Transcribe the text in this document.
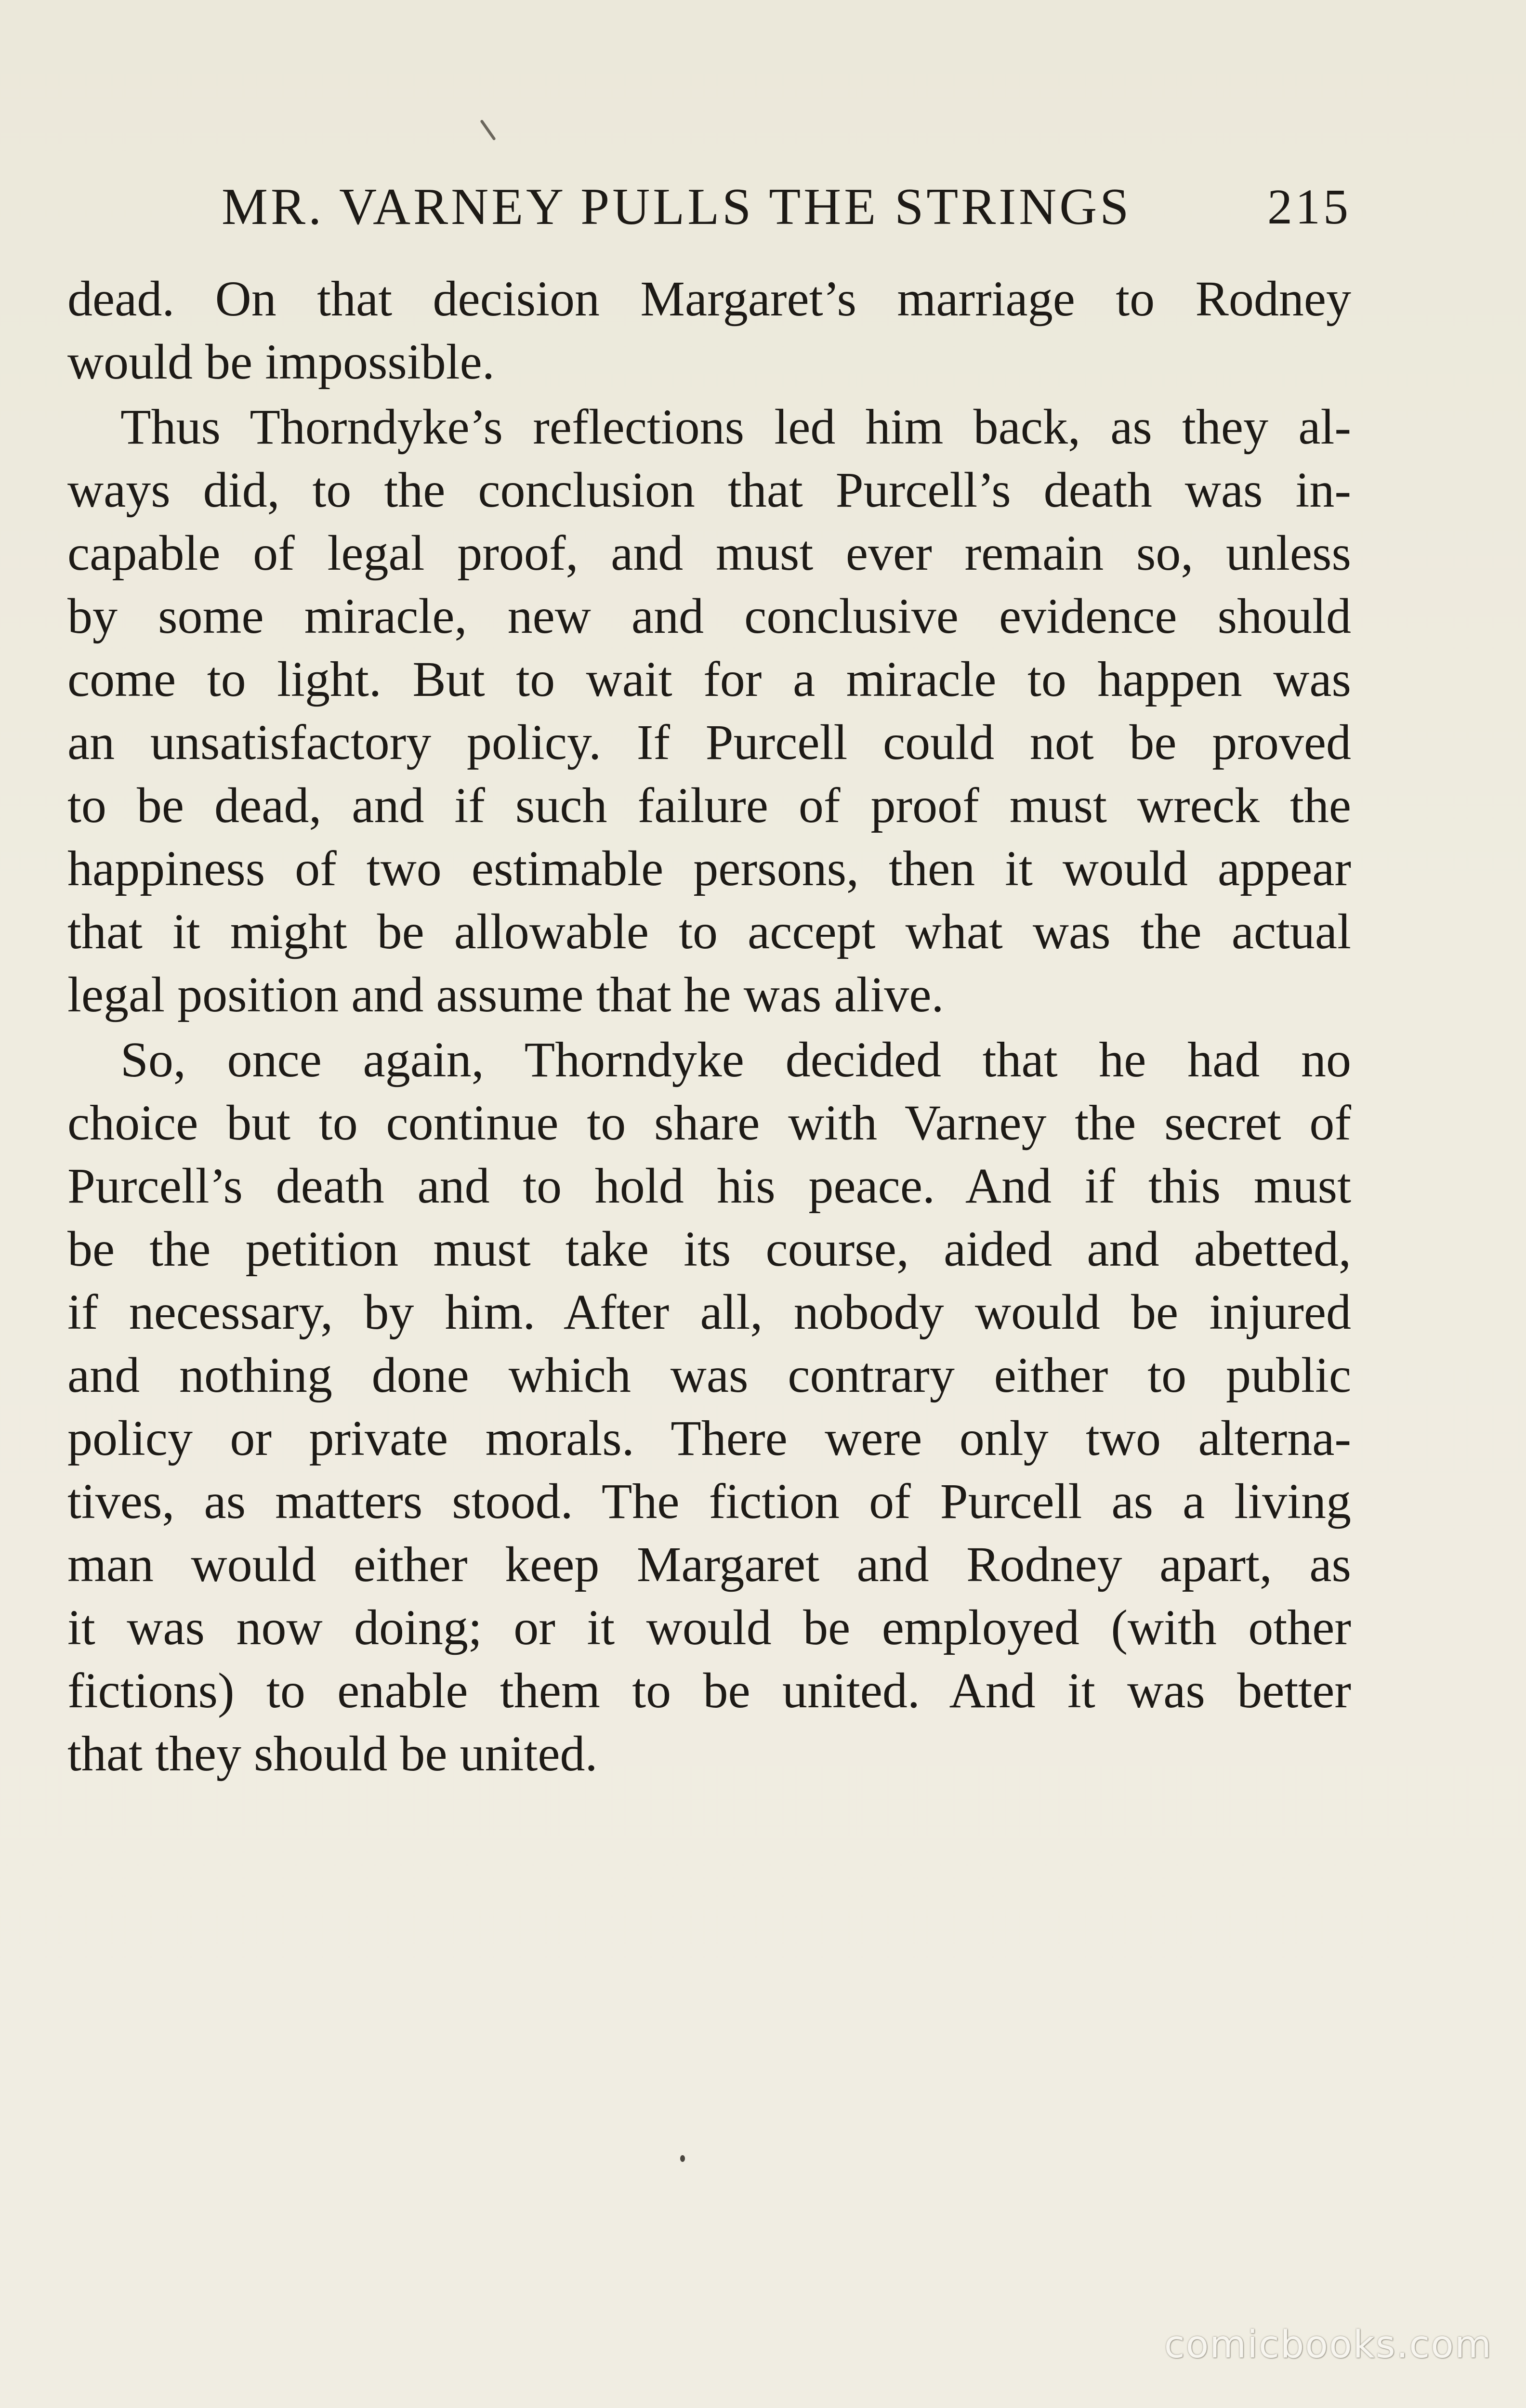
MR. VARNEY PULLS THE STRINGS	215
dead. On that decision Margaret’s marriage to Rodney
would be impossible.
Thus Thorndyke’s reflections led him back, as they al-
ways did, to the conclusion that Purcell’s death was in-
capable of legal proof, and must ever remain so, unless
by some miracle, new and conclusive evidence should
come to light. But to wait for a miracle to happen was
an unsatisfactory policy. If Purcell could not be proved
to be dead, and if such failure of proof must wreck the
happiness of two estimable persons, then it would appear
that it might be allowable to accept what was the actual
legal position and assume that he was alive.
So, once again, Thorndyke decided that he had no
choice but to continue to share with Varney the secret of
Purcell’s death and to hold his peace. And if this must
be the petition must take its course, aided and abetted,
if necessary, by him. After all, nobody would be injured
and nothing done which was contrary either to public
policy or private morals. There were only two alterna-
tives, as matters stood. The fiction of Purcell as a living
man would either keep Margaret and Rodney apart, as
it was now doing; or it would be employed (with other
fictions) to enable them to be united. And it was better
that they should be united.
comicbooks.com
